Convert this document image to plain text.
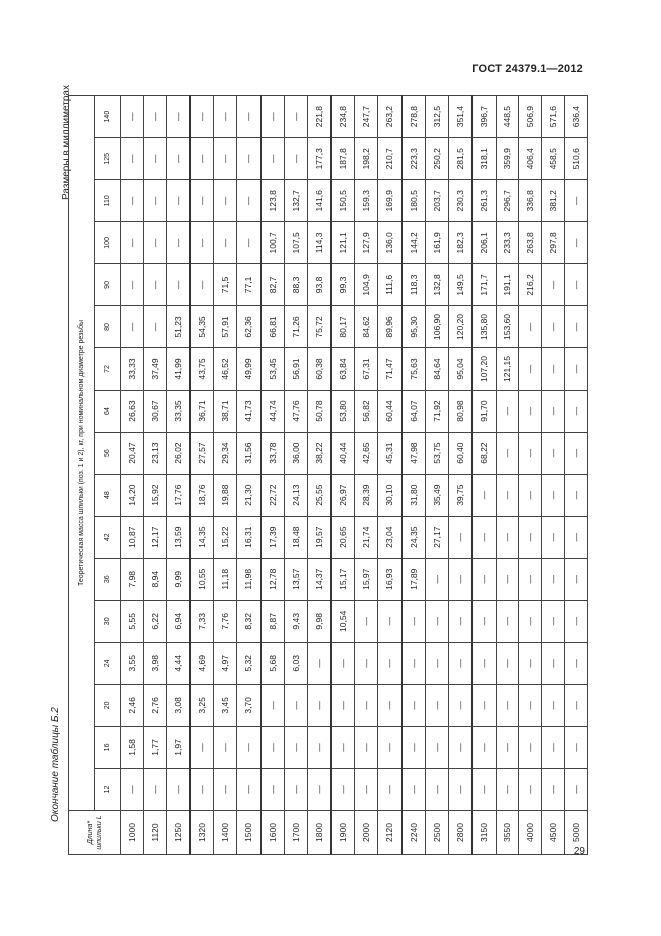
ГОСТ 24379.1—2012
Окончание таблицы Б.2
Размеры в миллиметрах
Длина* шпильки L	Теоретическая масса шпильки (поз. 1 и 2), кг, при номинальном диаметре резьбы																
	12	16	20	24	30	36	42	48	56	64	72	80	90	100	110	125	140
1000	—	1,58	2,46	3,55	5,55	7,98	10,87	14,20	20,47	26,63	33,33	—	—	—	—	—	—
1120	—	1,77	2,76	3,98	6,22	8,94	12,17	15,92	23,13	30,67	37,49	—	—	—	—	—	—
1250	—	1,97	3,08	4,44	6,94	9,99	13,59	17,76	26,02	33,35	41,99	51,23	—	—	—	—	—
1320	—	—	3,25	4,69	7,33	10,55	14,35	18,76	27,57	36,71	43,75	54,35	—	—	—	—	—
1400	—	—	3,45	4,97	7,76	11,18	15,22	19,88	29,34	38,71	46,52	57,91	71,5	—	—	—	—
1500	—	—	3,70	5,32	8,32	11,98	16,31	21,30	31,56	41,73	49,99	62,36	77,1	—	—	—	—
1600	—	—	—	5,68	8,87	12,78	17,39	22,72	33,78	44,74	53,45	66,81	82,7	100,7	123,8	—	—
1700	—	—	—	6,03	9,43	13,57	18,48	24,13	36,00	47,76	56,91	71,26	88,3	107,5	132,7	—	—
1800	—	—	—	—	9,98	14,37	19,57	25,55	38,22	50,78	60,38	75,72	93,8	114,3	141,6	177,3	221,8
1900	—	—	—	—	10,54	15,17	20,65	26,97	40,44	53,80	63,84	80,17	99,3	121,1	150,5	187,8	234,8
2000	—	—	—	—	—	15,97	21,74	28,39	42,65	56,82	67,31	84,62	104,9	127,9	159,3	198,2	247,7
2120	—	—	—	—	—	16,93	23,04	30,10	45,31	60,44	71,47	89,96	111,6	136,0	169,9	210,7	263,2
2240	—	—	—	—	—	17,89	24,35	31,80	47,98	64,07	75,63	95,30	118,3	144,2	180,5	223,3	278,8
2500	—	—	—	—	—	—	27,17	35,49	53,75	71,92	84,64	106,90	132,8	161,9	203,7	250,2	312,5
2800	—	—	—	—	—	—	—	39,75	60,40	80,98	95,04	120,20	149,5	182,3	230,3	281,5	351,4
3150	—	—	—	—	—	—	—	—	68,22	91,70	107,20	135,80	171,7	206,1	261,3	318,1	396,7
3550	—	—	—	—	—	—	—	—	—	—	121,15	153,60	191,1	233,3	296,7	359,9	448,5
4000	—	—	—	—	—	—	—	—	—	—	—	—	216,2	263,8	336,8	406,4	506,9
4500	—	—	—	—	—	—	—	—	—	—	—	—	—	297,8	381,2	458,5	571,6
5000	—	—	—	—	—	—	—	—	—	—	—	—	—	—	—	510,6	636,4
29
